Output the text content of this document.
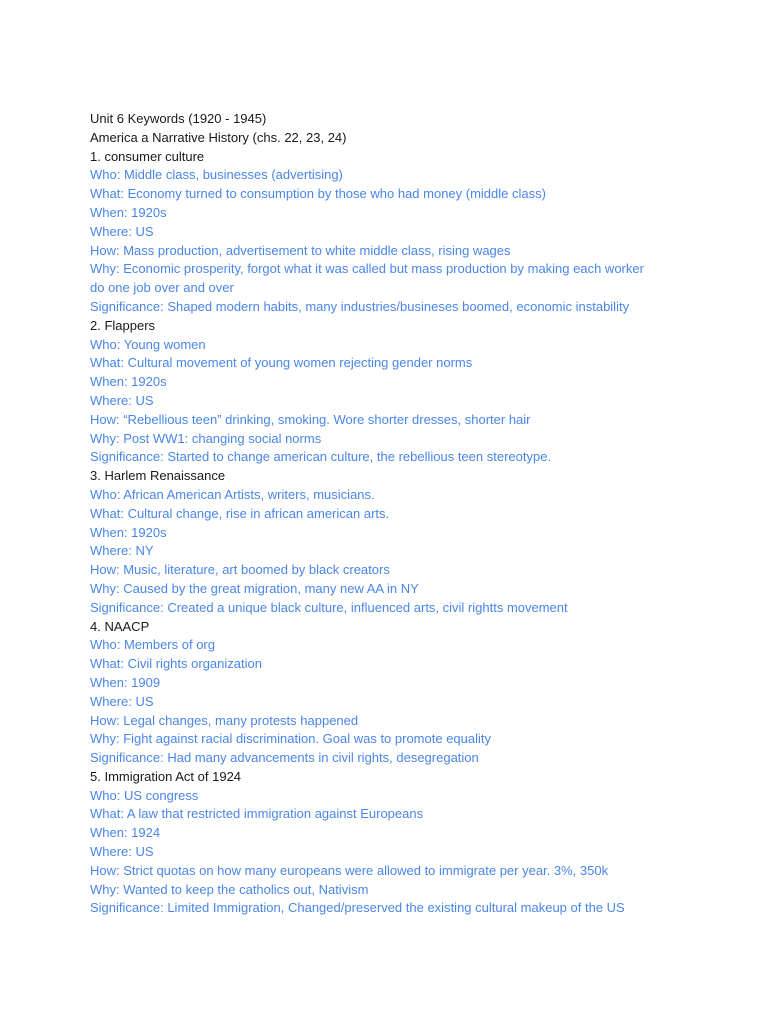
Unit 6 Keywords (1920 - 1945)

America a Narrative History (chs. 22, 23, 24)

1. consumer culture

Who: Middle class, businesses (advertising)

What: Economy turned to consumption by those who had money (middle class)

When: 1920s

Where: US

How: Mass production, advertisement to white middle class, rising wages

Why: Economic prosperity, forgot what it was called but mass production by making each worker do one job over and over

Significance: Shaped modern habits, many industries/busineses boomed, economic instability

2. Flappers

Who: Young women

What: Cultural movement of young women rejecting gender norms

When: 1920s

Where: US

How: “Rebellious teen” drinking, smoking. Wore shorter dresses, shorter hair

Why: Post WW1: changing social norms

Significance: Started to change american culture, the rebellious teen stereotype.

3. Harlem Renaissance

Who: African American Artists, writers, musicians.

What: Cultural change, rise in african american arts.

When: 1920s

Where: NY

How: Music, literature, art boomed by black creators

Why: Caused by the great migration, many new AA in NY

Significance: Created a unique black culture, influenced arts, civil rightts movement

4. NAACP

Who: Members of org

What: Civil rights organization

When: 1909

Where: US

How: Legal changes, many protests happened

Why: Fight against racial discrimination. Goal was to promote equality

Significance: Had many advancements in civil rights, desegregation

5. Immigration Act of 1924

Who: US congress

What: A law that restricted immigration against Europeans

When: 1924

Where: US

How: Strict quotas on how many europeans were allowed to immigrate per year. 3%, 350k

Why: Wanted to keep the catholics out, Nativism

Significance: Limited Immigration, Changed/preserved the existing cultural makeup of the US
